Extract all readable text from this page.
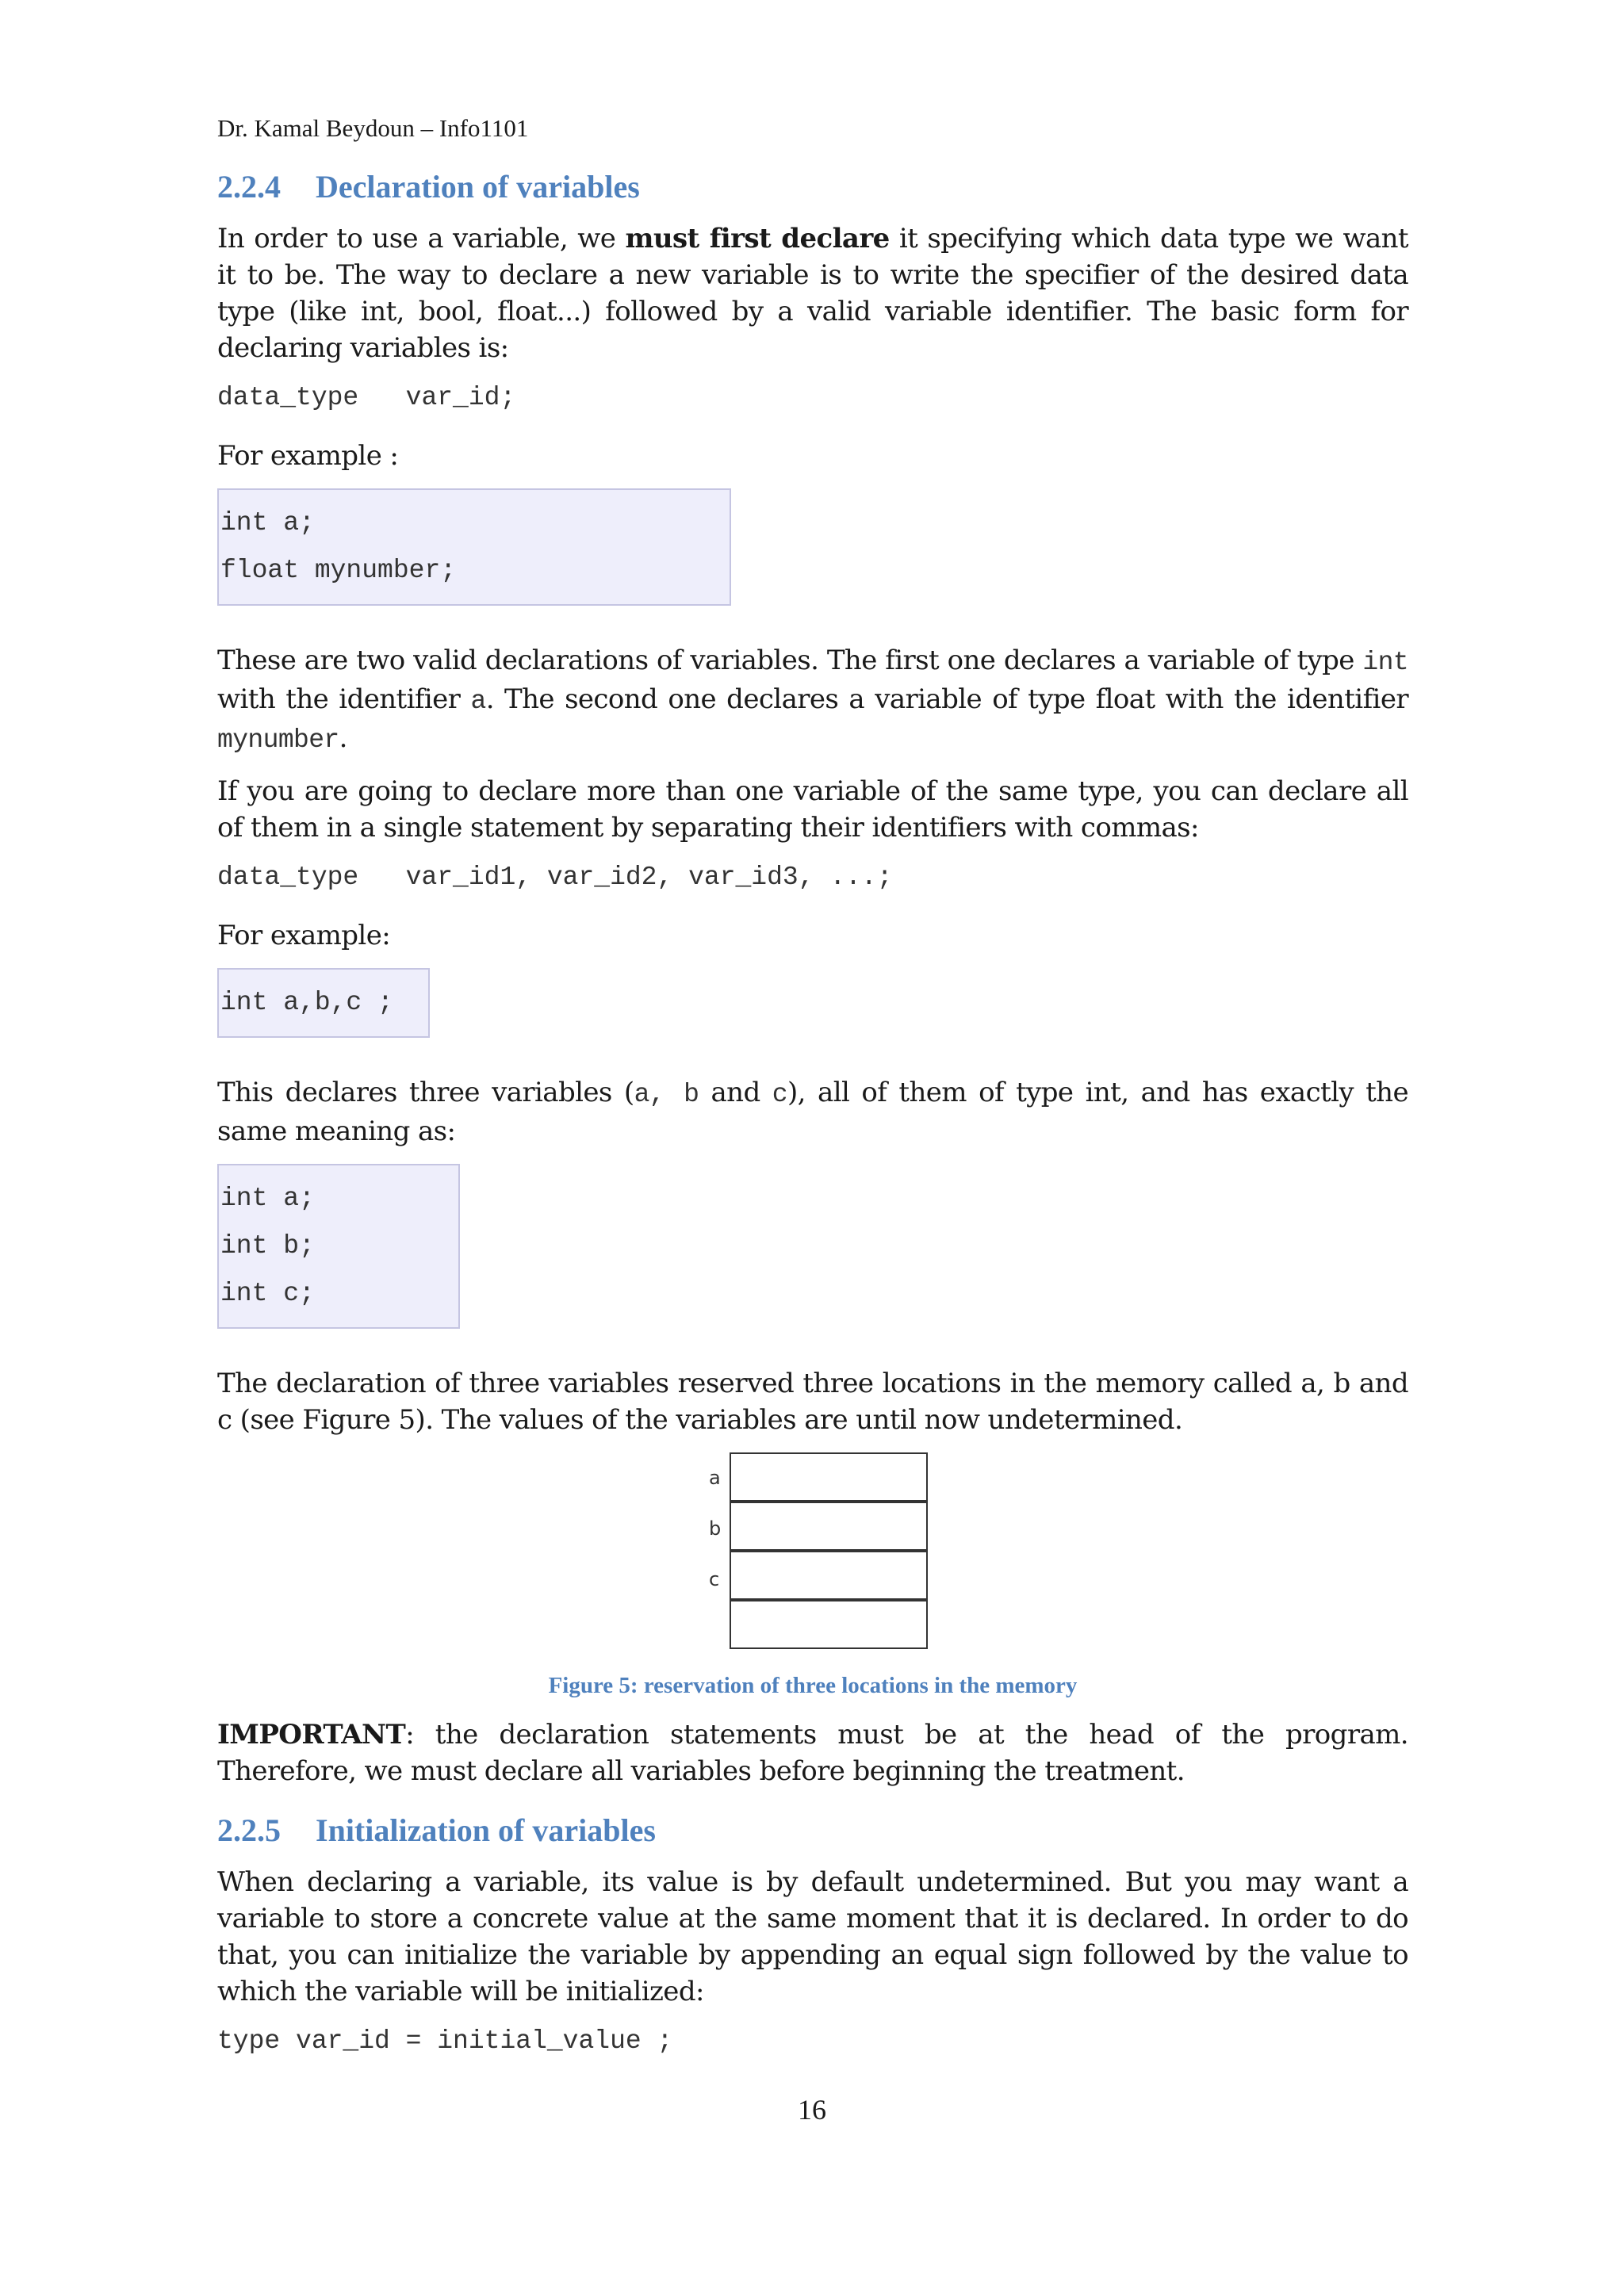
Dr. Kamal Beydoun – Info1101
2.2.4 Declaration of variables

In order to use a variable, we must first declare it specifying which data type we want it to be. The way to declare a new variable is to write the specifier of the desired data type (like int, bool, float...) followed by a valid variable identifier. The basic form for declaring variables is:

data_type   var_id;

For example :

int a;
float mynumber;

These are two valid declarations of variables. The first one declares a variable of type int with the identifier a. The second one declares a variable of type float with the identifier mynumber.

If you are going to declare more than one variable of the same type, you can declare all of them in a single statement by separating their identifiers with commas:

data_type   var_id1, var_id2, var_id3, ...;

For example:

int a,b,c ;

This declares three variables (a, b and c), all of them of type int, and has exactly the same meaning as:

int a;
int b;
int c;

The declaration of three variables reserved three locations in the memory called a, b and c (see Figure 5). The values of the variables are until now undetermined.

a
b
c
Figure 5: reservation of three locations in the memory

IMPORTANT: the declaration statements must be at the head of the program. Therefore, we must declare all variables before beginning the treatment.

2.2.5 Initialization of variables

When declaring a variable, its value is by default undetermined. But you may want a variable to store a concrete value at the same moment that it is declared. In order to do that, you can initialize the variable by appending an equal sign followed by the value to which the variable will be initialized:

type var_id = initial_value ;
16
